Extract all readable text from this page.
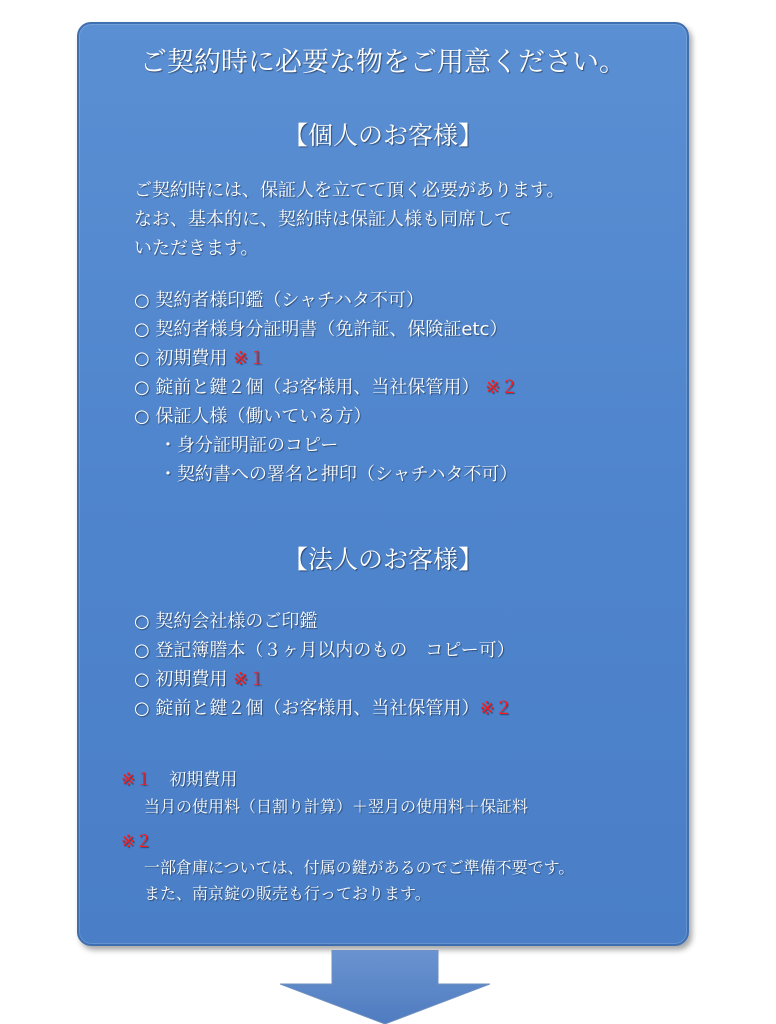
ご契約時に必要な物をご用意ください。
【個人のお客様】
ご契約時には、保証人を立てて頂く必要があります。
なお、基本的に、契約時は保証人様も同席して
いただきます。
○ 契約者様印鑑（シャチハタ不可）
○ 契約者様身分証明書（免許証、保険証etc）
○ 初期費用 ※１
○ 錠前と鍵２個（お客様用、当社保管用） ※２
○ 保証人様（働いている方）
・身分証明証のコピー
・契約書への署名と押印（シャチハタ不可）
【法人のお客様】
○ 契約会社様のご印鑑
○ 登記簿謄本（３ヶ月以内のもの　コピー可）
○ 初期費用 ※１
○ 錠前と鍵２個（お客様用、当社保管用）※２
※１　初期費用
当月の使用料（日割り計算）＋翌月の使用料＋保証料
※２
一部倉庫については、付属の鍵があるのでご準備不要です。
また、南京錠の販売も行っております。
